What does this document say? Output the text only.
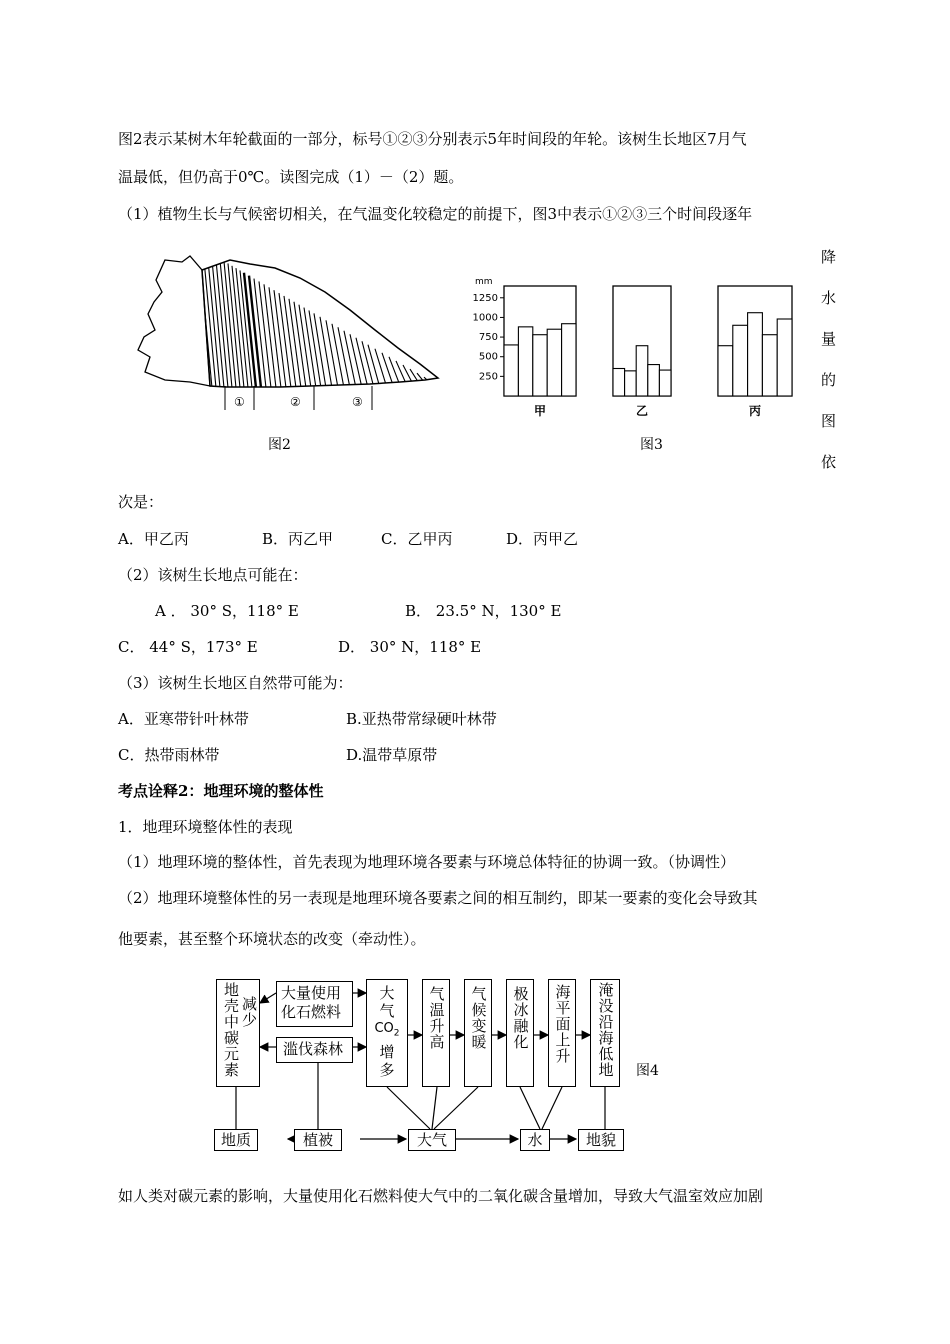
图2表示某树木年轮截面的一部分，标号①②③分别表示5年时间段的年轮。该树生长地区7月气
温最低，但仍高于0℃。读图完成（1）－（2）题。
（1）植物生长与气候密切相关，在气温变化较稳定的前提下，图3中表示①②③三个时间段逐年
降
水
量
的
图
依
①	②	③
图2
mm
1250
1000
750
500
250
甲	乙	丙
图3
次是：
A．甲乙丙	B．丙乙甲	C．乙甲丙	D．丙甲乙
（2）该树生长地点可能在：
A ． 30° S，118° E	B． 23.5° N，130° E
C． 44° S，173° E	D． 30° N，118° E
（3）该树生长地区自然带可能为：
A．亚寒带针叶林带	B.亚热带常绿硬叶林带
C．热带雨林带	D.温带草原带
考点诠释2：地理环境的整体性
1．地理环境整体性的表现
（1）地理环境的整体性，首先表现为地理环境各要素与环境总体特征的协调一致。（协调性）
（2）地理环境整体性的另一表现是地理环境各要素之间的相互制约，即某一要素的变化会导致其
他要素，甚至整个环境状态的改变（牵动性）。
地壳中碳元素 减少
大量使用化石燃料
滥伐森林
大气
$CO_2$
增多
气温升高 气候变暖 极冰融化 海平面上升 淹没沿海低地
地质	植被	大气	水	地貌
图4
如人类对碳元素的影响，大量使用化石燃料使大气中的二氧化碳含量增加，导致大气温室效应加剧
